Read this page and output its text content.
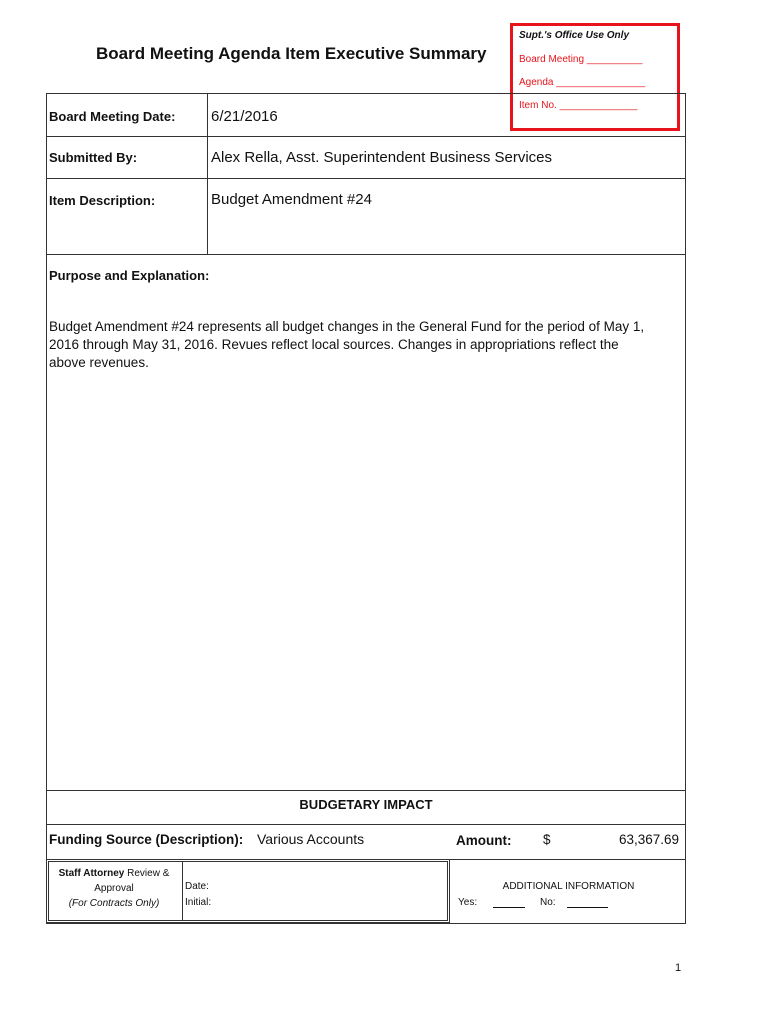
Board Meeting Agenda Item Executive Summary
Supt.'s Office Use Only
Board Meeting __________
Agenda ________________
Item No. ______________
Board Meeting Date: 6/21/2016
Submitted By:	Alex Rella, Asst. Superintendent Business Services
Item Description:	Budget Amendment #24
Purpose and Explanation:
Budget Amendment #24 represents all budget changes in the General Fund for the period of May 1,
2016 through May 31, 2016. Revues reflect local sources. Changes in appropriations reflect the
above revenues.
BUDGETARY IMPACT
Funding Source (Description): Various Accounts	Amount: $	63,367.69
Staff Attorney Review &
Approval
(For Contracts Only)
Date:
Initial:
ADDITIONAL INFORMATION
Yes:	No:
1
